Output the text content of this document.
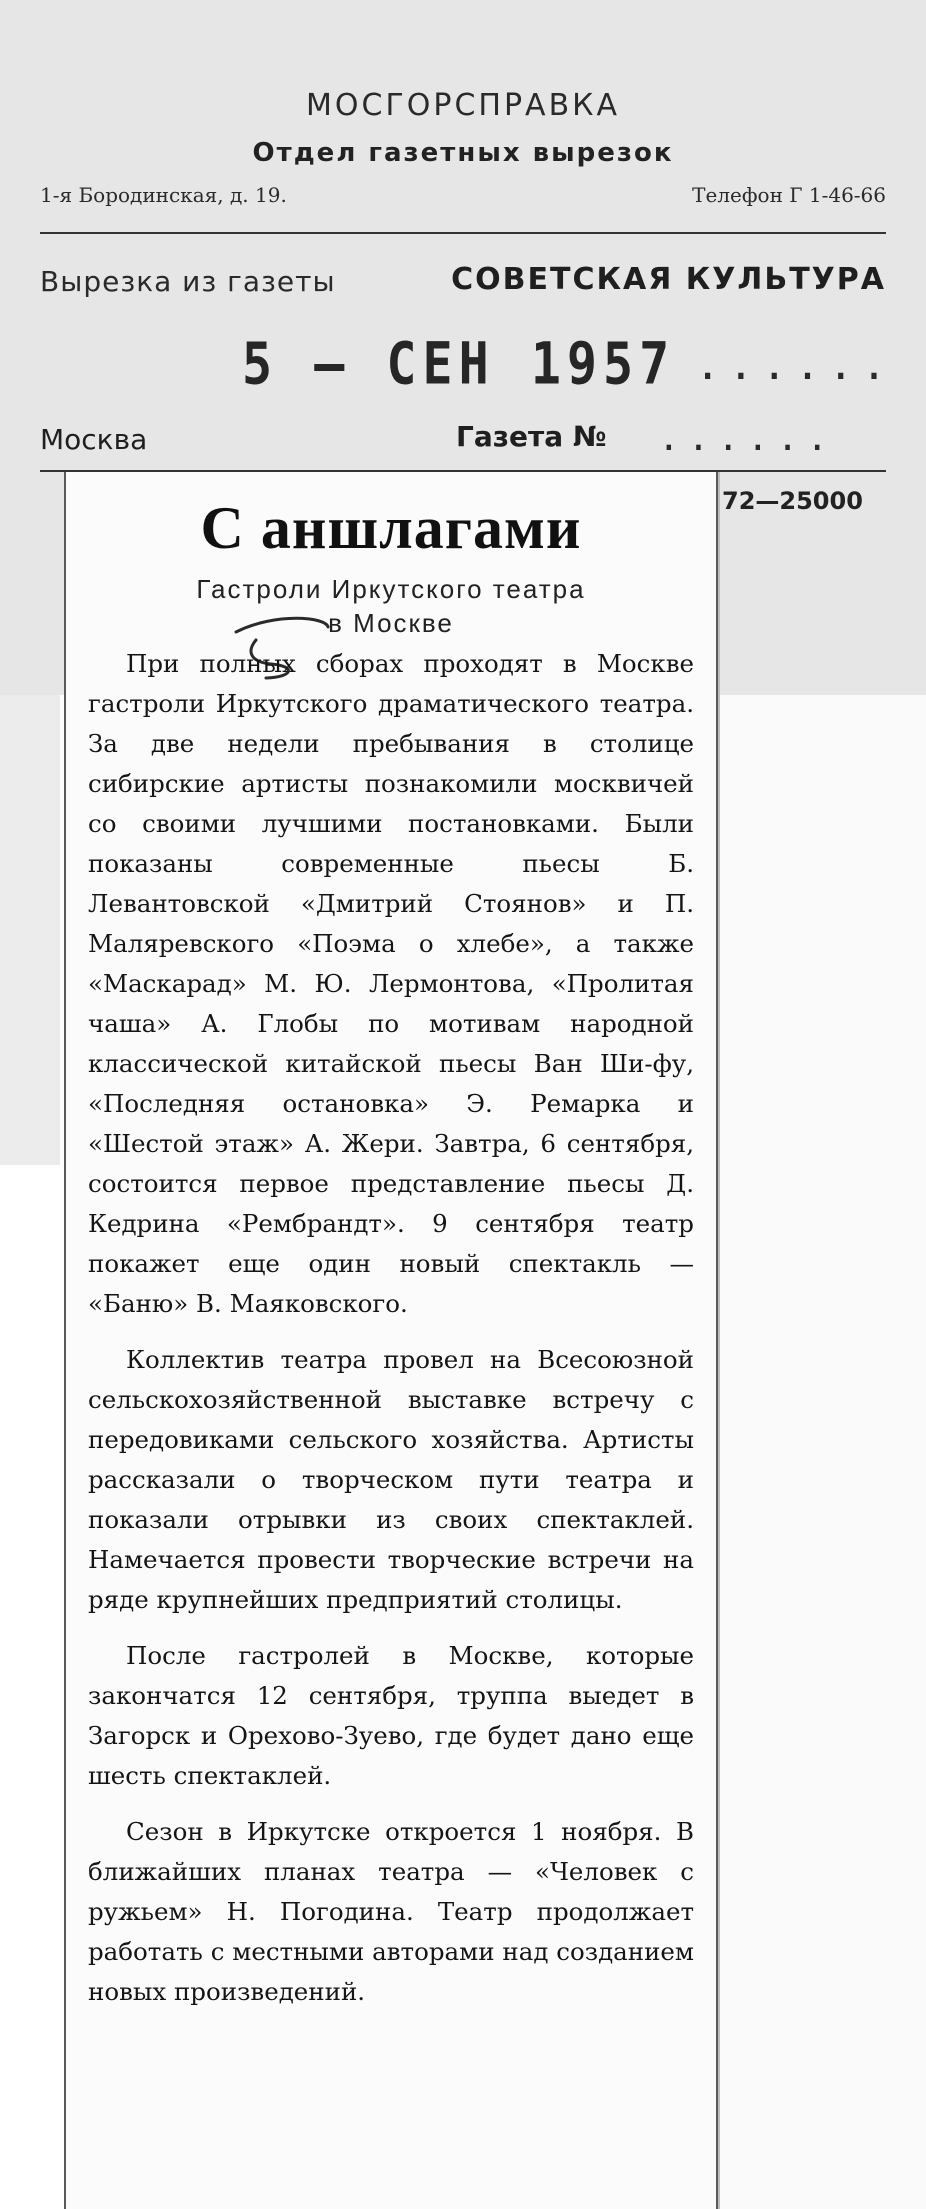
МОСГОРСПРАВКА
Отдел газетных вырезок
1-я Бородинская, д. 19.	Телефон Г 1-46-66
Вырезка из газеты	СОВЕТСКАЯ КУЛЬТУРА
5 — СЕН 1957 ......
Москва	Газета № ......
72—25000
С аншлагами
Гастроли Иркутского театра
в Москве

При полных сборах проходят в Москве гастроли Иркутского драматического театра. За две недели пребывания в столице сибирские артисты познакомили москвичей со своими лучшими постановками. Были показаны современные пьесы Б. Левантовской «Дмитрий Стоянов» и П. Маляревского «Поэма о хлебе», а также «Маскарад» М. Ю. Лермонтова, «Пролитая чаша» А. Глобы по мотивам народной классической китайской пьесы Ван Ши-фу, «Последняя остановка» Э. Ремарка и «Шестой этаж» А. Жери. Завтра, 6 сентября, состоится первое представление пьесы Д. Кедрина «Рембрандт». 9 сентября театр покажет еще один новый спектакль — «Баню» В. Маяковского.

Коллектив театра провел на Всесоюзной сельскохозяйственной выставке встречу с передовиками сельского хозяйства. Артисты рассказали о творческом пути театра и показали отрывки из своих спектаклей. Намечается провести творческие встречи на ряде крупнейших предприятий столицы.

После гастролей в Москве, которые закончатся 12 сентября, труппа выедет в Загорск и Орехово-Зуево, где будет дано еще шесть спектаклей.

Сезон в Иркутске откроется 1 ноября. В ближайших планах театра — «Человек с ружьем» Н. Погодина. Театр продолжает работать с местными авторами над созданием новых произведений.
